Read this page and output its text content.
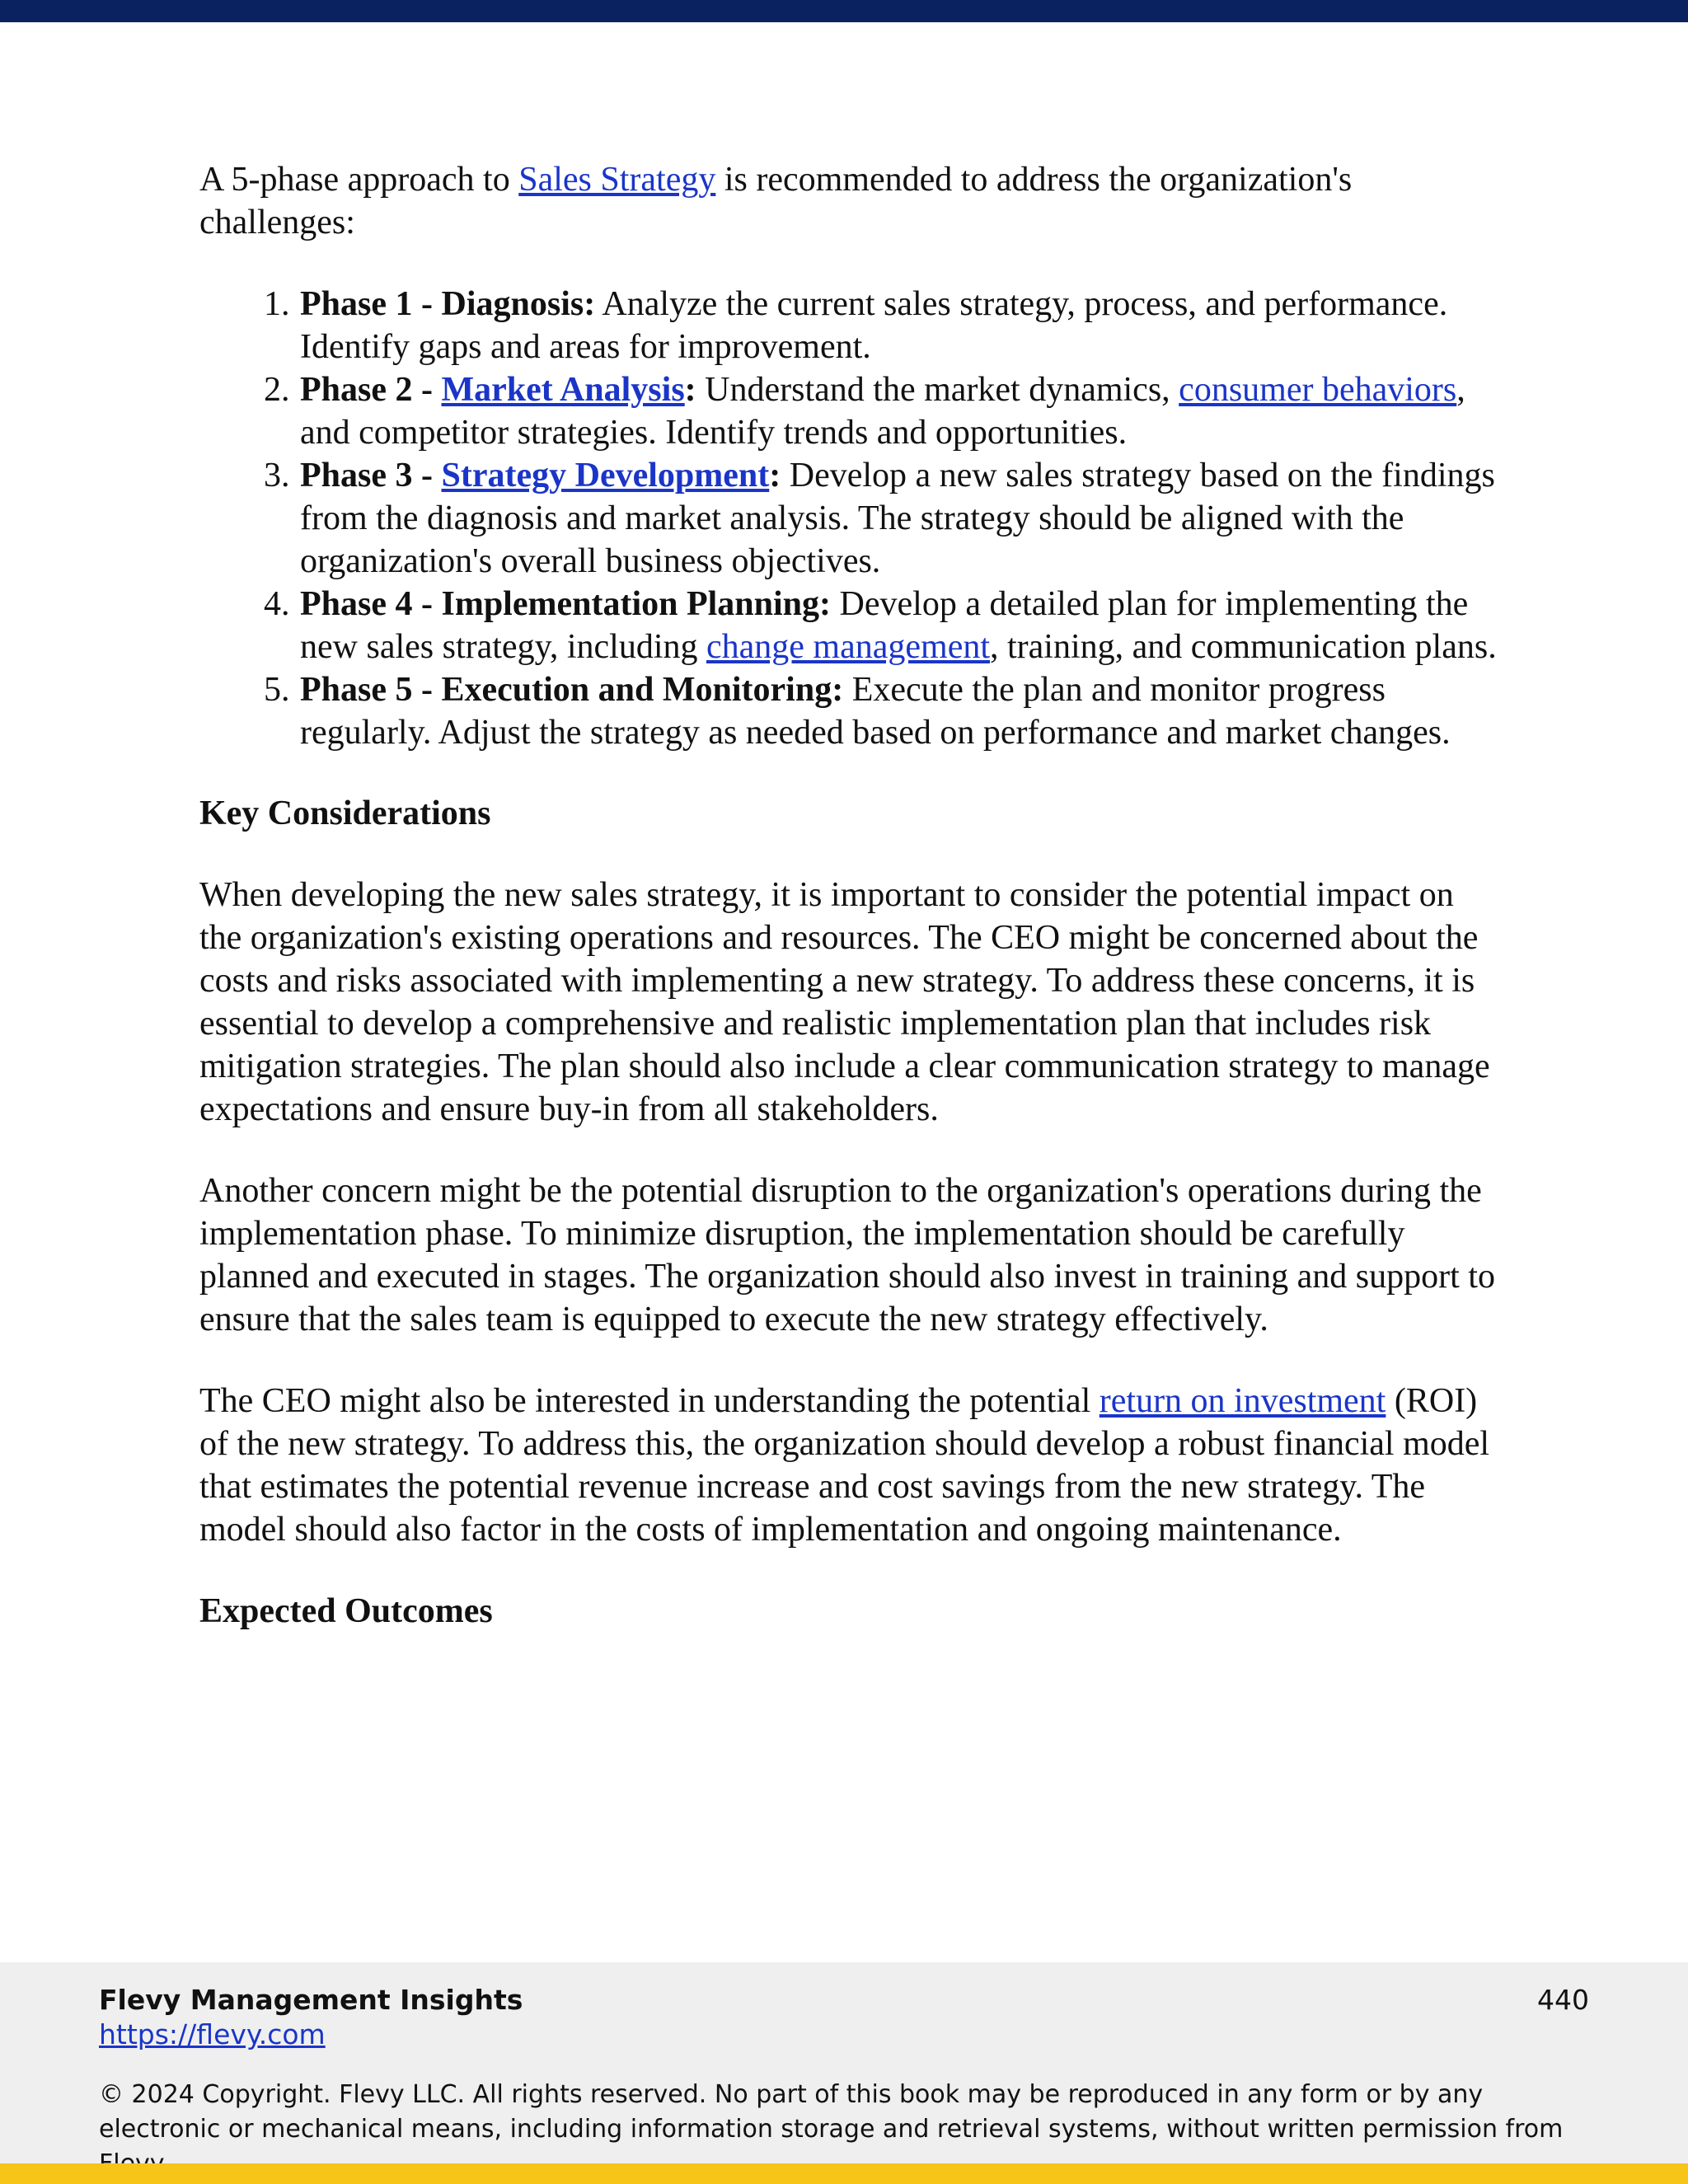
A 5-phase approach to Sales Strategy is recommended to address the organization's challenges:

1. Phase 1 - Diagnosis: Analyze the current sales strategy, process, and performance. Identify gaps and areas for improvement.
2. Phase 2 - Market Analysis: Understand the market dynamics, consumer behaviors, and competitor strategies. Identify trends and opportunities.
3. Phase 3 - Strategy Development: Develop a new sales strategy based on the findings from the diagnosis and market analysis. The strategy should be aligned with the organization's overall business objectives.
4. Phase 4 - Implementation Planning: Develop a detailed plan for implementing the new sales strategy, including change management, training, and communication plans.
5. Phase 5 - Execution and Monitoring: Execute the plan and monitor progress regularly. Adjust the strategy as needed based on performance and market changes.

Key Considerations

When developing the new sales strategy, it is important to consider the potential impact on the organization's existing operations and resources. The CEO might be concerned about the costs and risks associated with implementing a new strategy. To address these concerns, it is essential to develop a comprehensive and realistic implementation plan that includes risk mitigation strategies. The plan should also include a clear communication strategy to manage expectations and ensure buy-in from all stakeholders.

Another concern might be the potential disruption to the organization's operations during the implementation phase. To minimize disruption, the implementation should be carefully planned and executed in stages. The organization should also invest in training and support to ensure that the sales team is equipped to execute the new strategy effectively.

The CEO might also be interested in understanding the potential return on investment (ROI) of the new strategy. To address this, the organization should develop a robust financial model that estimates the potential revenue increase and cost savings from the new strategy. The model should also factor in the costs of implementation and ongoing maintenance.

Expected Outcomes

Flevy Management Insights
https://flevy.com
440
© 2024 Copyright. Flevy LLC. All rights reserved. No part of this book may be reproduced in any form or by any electronic or mechanical means, including information storage and retrieval systems, without written permission from
